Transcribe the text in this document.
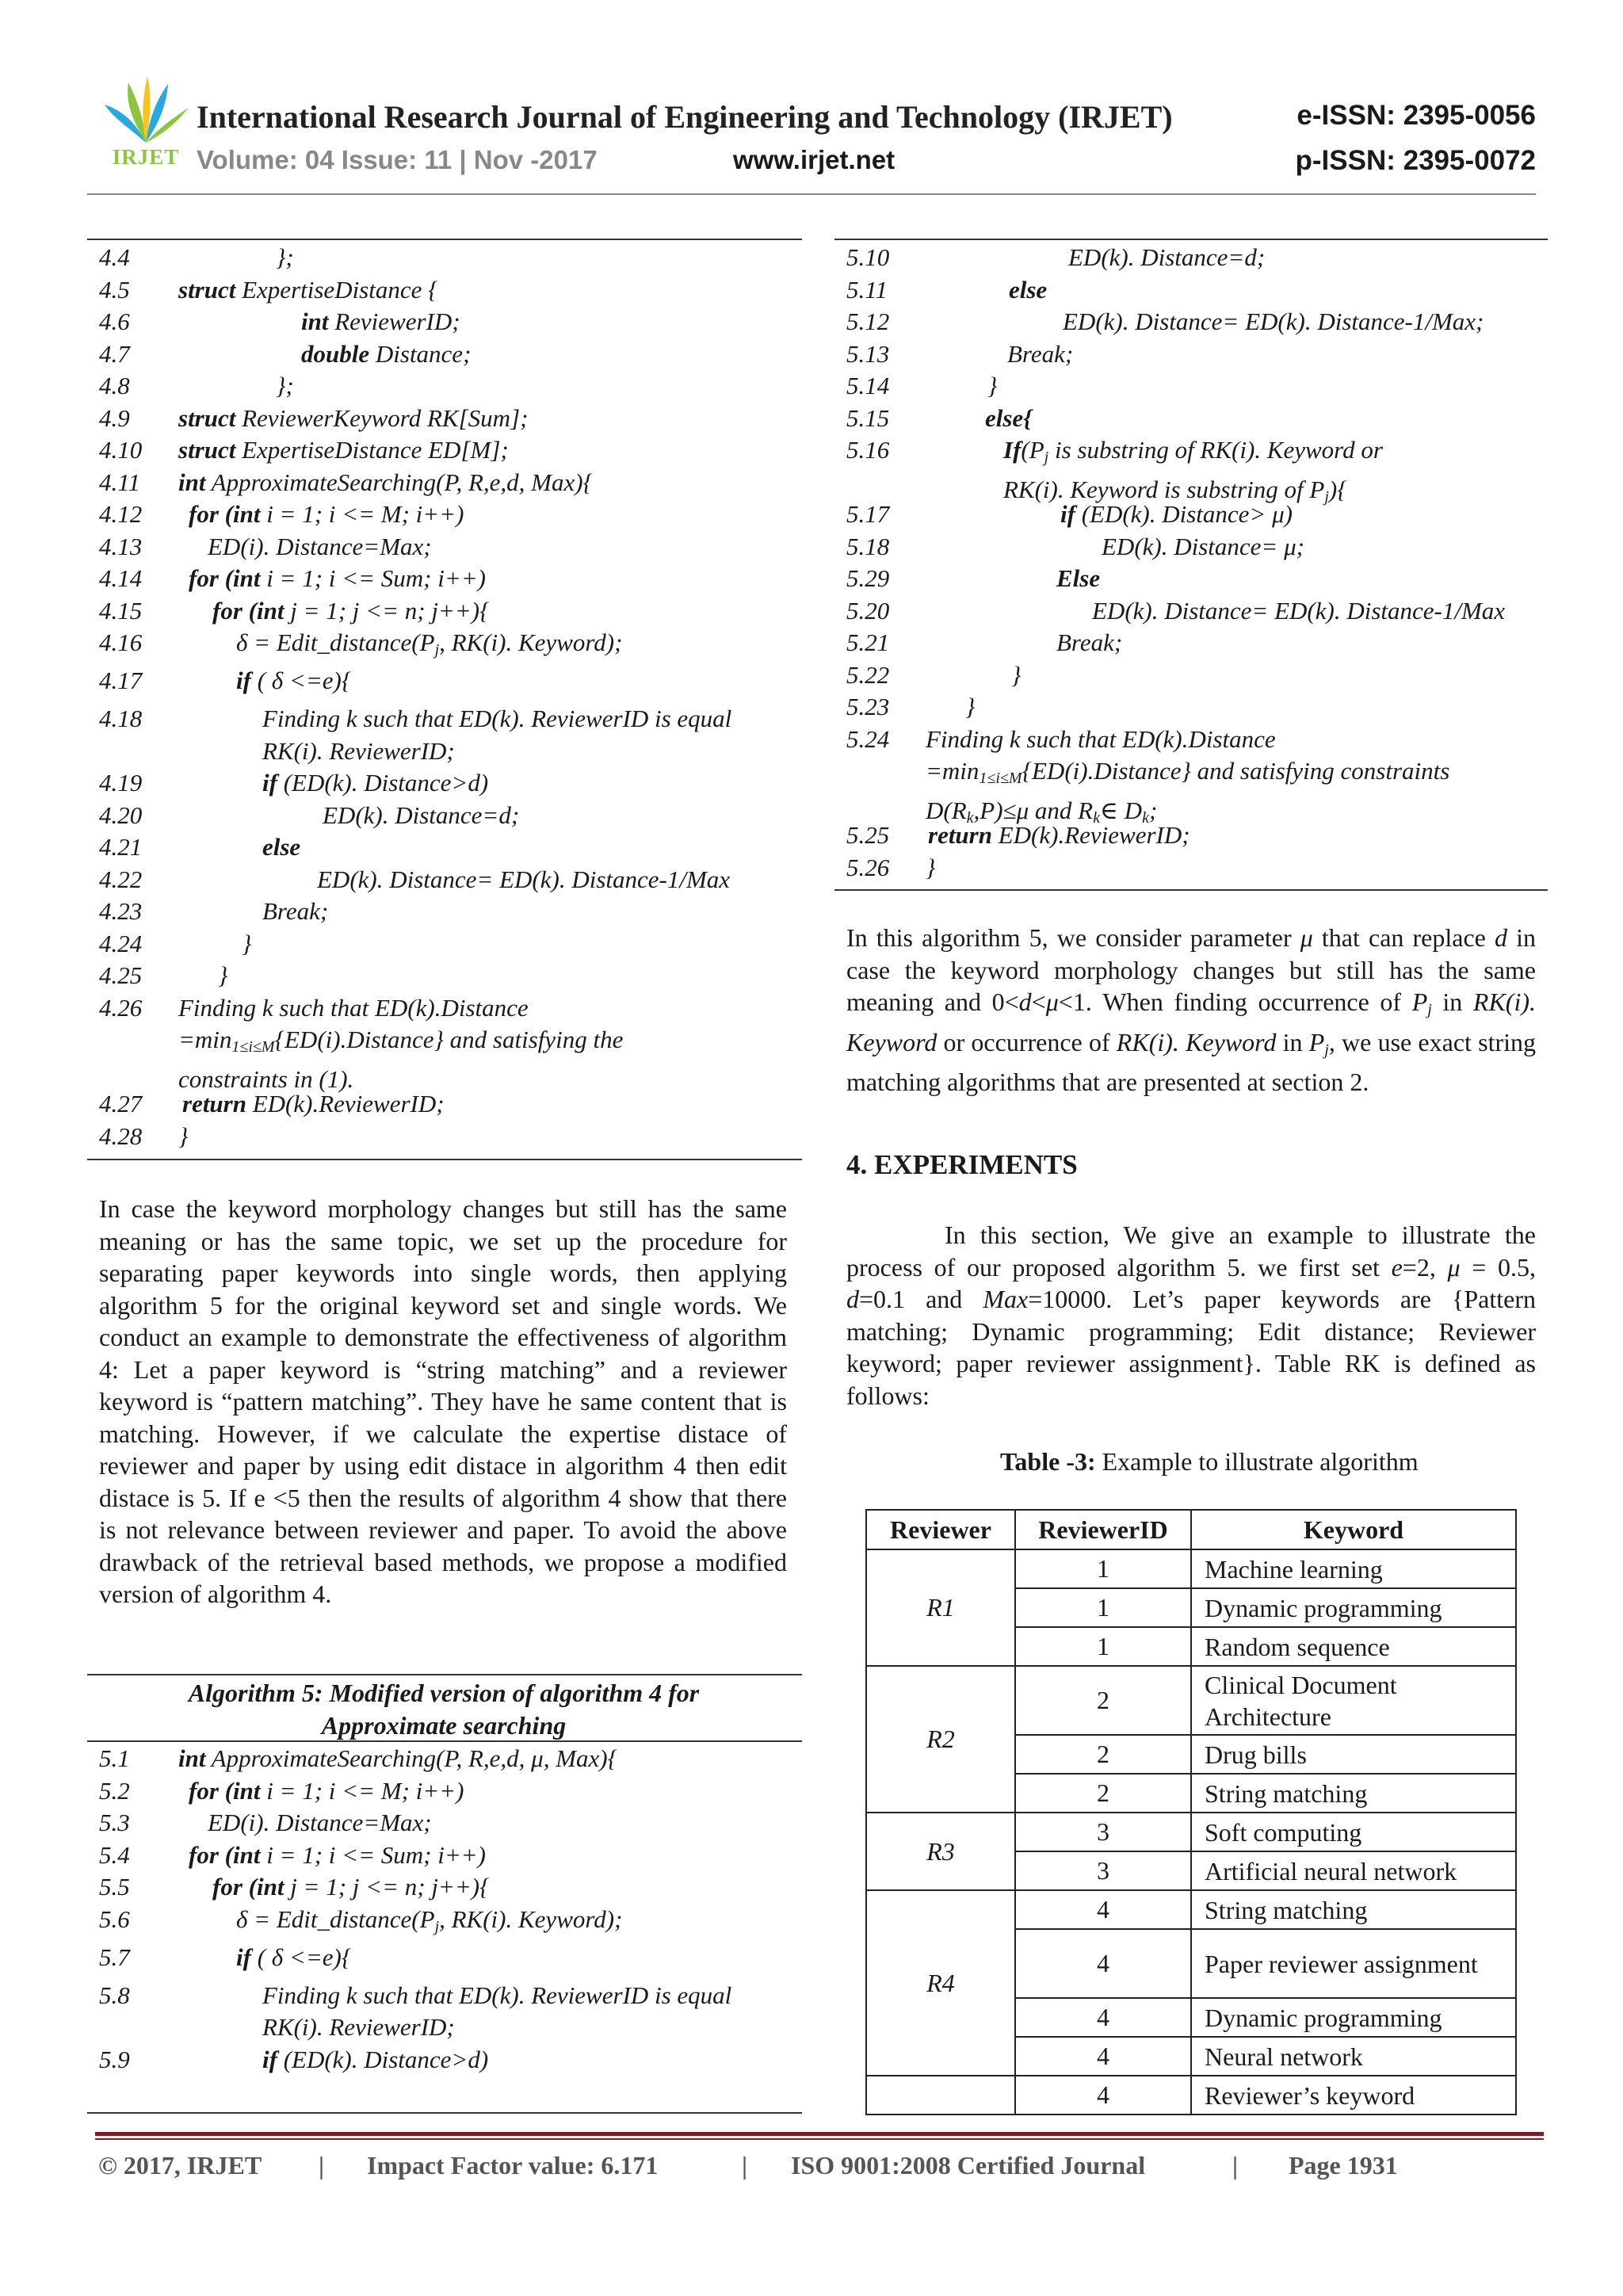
IRJET
International Research Journal of Engineering and Technology (IRJET)	e-ISSN: 2395-0056
Volume: 04 Issue: 11 | Nov -2017	www.irjet.net	p-ISSN: 2395-0072
4.4	};
4.5 struct ExpertiseDistance {
4.6	int ReviewerID;
4.7	double Distance;
4.8	};
4.9 struct ReviewerKeyword RK[Sum];
4.10 struct ExpertiseDistance ED[M];
4.11 int ApproximateSearching(P, R,e,d, Max){
4.12 for (int i = 1; i <= M; i++)
4.13	ED(i). Distance=Max;
4.14 for (int i = 1; i <= Sum; i++)
4.15	for (int j = 1; j <= n; j++){
4.16	$\delta = Edit\_distance(P_j$, RK(i). Keyword);
4.17	if ( δ <=e){
4.18	Finding k such that ED(k). ReviewerID is equal RK(i). ReviewerID;
4.19	if (ED(k). Distance>d)
4.20	ED(k). Distance=d;
4.21	else
4.22	ED(k). Distance= ED(k). Distance-1/Max
4.23	Break;
4.24	}
4.25	}
4.26 Finding k such that ED(k).Distance $=\min_{1\le i\le M}\{ED(i).Distance\}$ and satisfying the constraints in (1).
4.27 return ED(k).ReviewerID;
4.28 }

In case the keyword morphology changes but still has the same meaning or has the same topic, we set up the procedure for separating paper keywords into single words, then applying algorithm 5 for the original keyword set and single words. We conduct an example to demonstrate the effectiveness of algorithm 4: Let a paper keyword is “string matching” and a reviewer keyword is “pattern matching”. They have he same content that is matching. However, if we calculate the expertise distace of reviewer and paper by using edit distace in algorithm 4 then edit distace is 5. If e <5 then the results of algorithm 4 show that there is not relevance between reviewer and paper. To avoid the above drawback of the retrieval based methods, we propose a modified version of algorithm 4.

Algorithm 5: Modified version of algorithm 4 for Approximate searching
5.1 int ApproximateSearching(P, R,e,d, μ, Max){
5.2 for (int i = 1; i <= M; i++)
5.3	ED(i). Distance=Max;
5.4 for (int i = 1; i <= Sum; i++)
5.5	for (int j = 1; j <= n; j++){
5.6	$\delta = Edit\_distance(P_j$, RK(i). Keyword);
5.7	if ( δ <=e){
5.8	Finding k such that ED(k). ReviewerID is equal RK(i). ReviewerID;
5.9	if (ED(k). Distance>d)
5.10	ED(k). Distance=d;
5.11	else
5.12	ED(k). Distance= ED(k). Distance-1/Max;
5.13	Break;
5.14	}
5.15	else{
5.16	$If(P_j$ is substring of RK(i). Keyword or RK(i). Keyword is substring of $P_j$){
5.17	if (ED(k). Distance> μ)
5.18	ED(k). Distance= μ;
5.29	Else
5.20	ED(k). Distance= ED(k). Distance-1/Max
5.21	Break;
5.22	}
5.23	}
5.24 Finding k such that ED(k).Distance $=\min_{1\le i\le M}\{ED(i).Distance\}$ and satisfying constraints $D(R_k,P)\le\mu$ and $R_k\in$ $D_k$;
5.25 return ED(k).ReviewerID;
5.26 }

In this algorithm 5, we consider parameter μ that can replace d in case the keyword morphology changes but still has the same meaning and 0<d<μ<1. When finding occurrence of $P_j$ in RK(i). Keyword or occurrence of RK(i). Keyword in $P_j$, we use exact string matching algorithms that are presented at section 2.

4. EXPERIMENTS

In this section, We give an example to illustrate the process of our proposed algorithm 5. we first set e=2, μ = 0.5, d=0.1 and Max=10000. Let’s paper keywords are {Pattern matching; Dynamic programming; Edit distance; Reviewer keyword; paper reviewer assignment}. Table RK is defined as follows:

Table -3: Example to illustrate algorithm
Reviewer	ReviewerID	Keyword
R1	1	Machine learning
	1	Dynamic programming
	1	Random sequence
R2	2	Clinical Document Architecture
	2	Drug bills
	2	String matching
R3	3	Soft computing
	3	Artificial neural network
R4	4	String matching
	4	Paper reviewer assignment
	4	Dynamic programming
	4	Neural network
	4	Reviewer’s keyword
© 2017, IRJET | Impact Factor value: 6.171	| ISO 9001:2008 Certified Journal	| Page 1931
